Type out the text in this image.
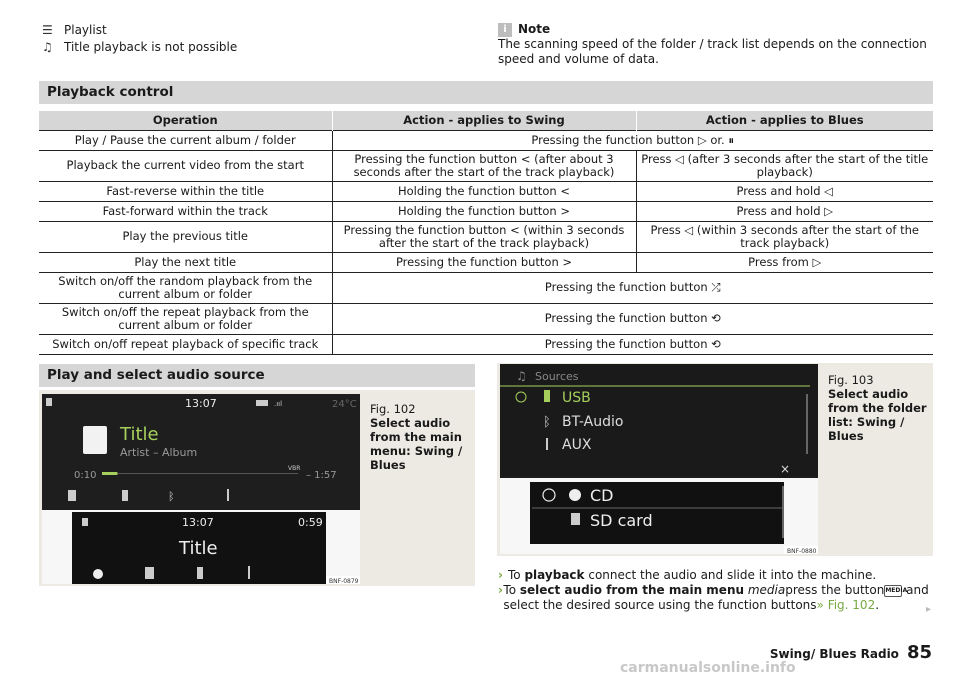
☰ Playlist
♫ Title playback is not possible
i Note
The scanning speed of the folder / track list depends on the connection speed and volume of data.
Playback control
Operation	Action - applies to Swing	Action - applies to Blues
Play / Pause the current album / folder	Pressing the function button ▷ or. ⏸	
Playback the current video from the start	Pressing the function button < (after about 3 seconds after the start of the track playback)	Press ◁ (after 3 seconds after the start of the title playback)
Fast-reverse within the title	Holding the function button <	Press and hold ◁
Fast-forward within the track	Holding the function button >	Press and hold ▷
Play the previous title	Pressing the function button < (within 3 seconds after the start of the track playback)	Press ◁ (within 3 seconds after the start of the track playback)
Play the next title	Pressing the function button >	Press from ▷
Switch on/off the random playback from the current album or folder	Pressing the function button ⤮	
Switch on/off the repeat playback from the current album or folder	Pressing the function button ⟲	
Switch on/off repeat playback of specific track	Pressing the function button ⟲	
Play and select audio source
13:07	.ııl	24°C
Title
Artist – Album
0:10
VBR
– 1:57
ᛒ
13:07	0:59
Title
BNF-0879
Fig. 102
Select audio from the main menu: Swing / Blues
♫ Sources
USB
ᛒ BT-Audio
AUX
×
CD
SD card
BNF-0880
Fig. 103
Select audio from the folder list: Swing / Blues
› To playback connect the audio and slide it into the machine.
› To select audio from the main menu mediapress the buttonMEDIA and select the desired source using the function buttons» Fig. 102.	▸
Swing/ Blues Radio 85
carmanualsonline.info
